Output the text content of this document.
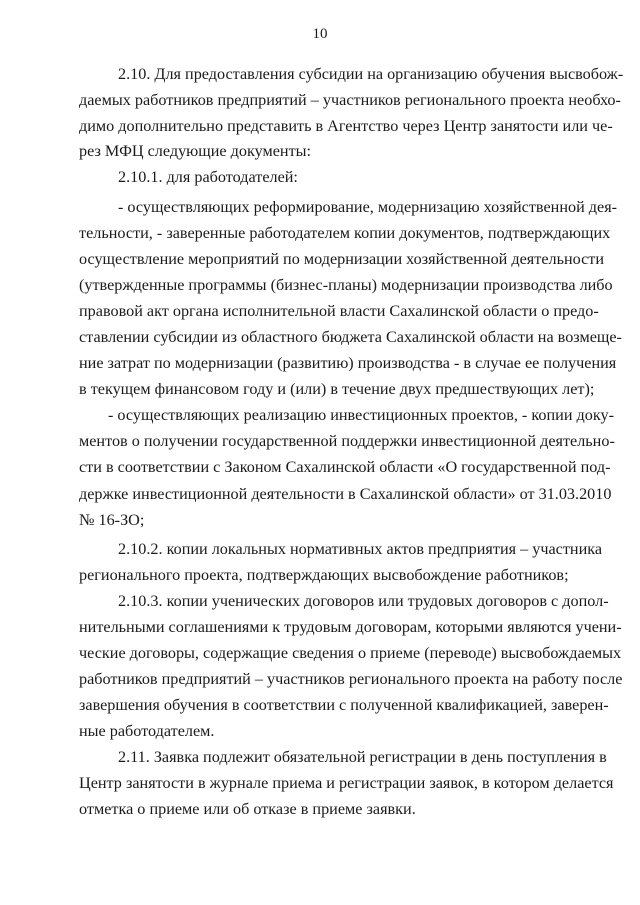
10
2.10. Для предоставления субсидии на организацию обучения высвобож-
даемых работников предприятий – участников регионального проекта необхо-
димо дополнительно представить в Агентство через Центр занятости или че-
рез МФЦ следующие документы:
2.10.1. для работодателей:
- осуществляющих реформирование, модернизацию хозяйственной дея-
тельности, - заверенные работодателем копии документов, подтверждающих
осуществление мероприятий по модернизации хозяйственной деятельности
(утвержденные программы (бизнес-планы) модернизации производства либо
правовой акт органа исполнительной власти Сахалинской области о предо-
ставлении субсидии из областного бюджета Сахалинской области на возмеще-
ние затрат по модернизации (развитию) производства - в случае ее получения
в текущем финансовом году и (или) в течение двух предшествующих лет);
- осуществляющих реализацию инвестиционных проектов, - копии доку-
ментов о получении государственной поддержки инвестиционной деятельно-
сти в соответствии с Законом Сахалинской области «О государственной под-
держке инвестиционной деятельности в Сахалинской области» от 31.03.2010
№ 16-ЗО;
2.10.2. копии локальных нормативных актов предприятия – участника
регионального проекта, подтверждающих высвобождение работников;
2.10.3. копии ученических договоров или трудовых договоров с допол-
нительными соглашениями к трудовым договорам, которыми являются учени-
ческие договоры, содержащие сведения о приеме (переводе) высвобождаемых
работников предприятий – участников регионального проекта на работу после
завершения обучения в соответствии с полученной квалификацией, заверен-
ные работодателем.
2.11. Заявка подлежит обязательной регистрации в день поступления в
Центр занятости в журнале приема и регистрации заявок, в котором делается
отметка о приеме или об отказе в приеме заявки.
